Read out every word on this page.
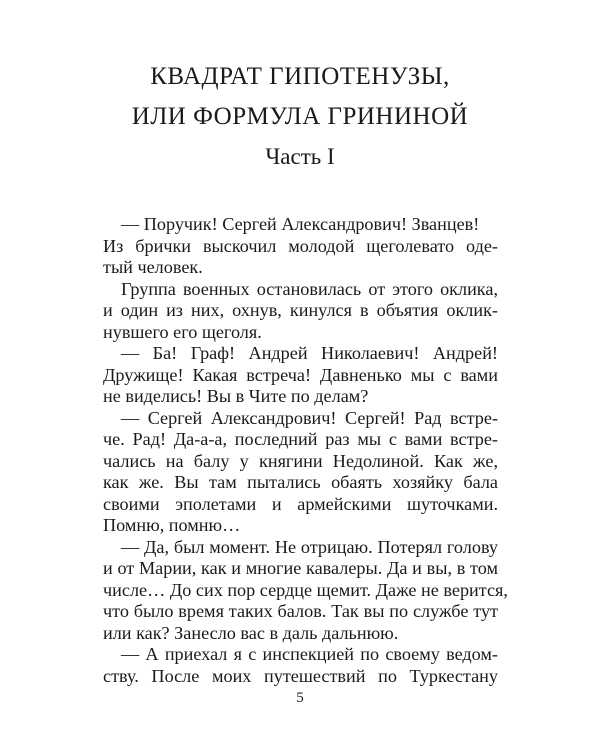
КВАДРАТ ГИПОТЕНУЗЫ,
ИЛИ ФОРМУЛА ГРИНИНОЙ
Часть I

— Поручик! Сергей Александрович! Званцев!

Из брички выскочил молодой щеголевато оде-

тый человек.

Группа военных остановилась от этого оклика,

и один из них, охнув, кинулся в объятия оклик-

нувшего его щеголя.

— Ба! Граф! Андрей Николаевич! Андрей!

Дружище! Какая встреча! Давненько мы с вами

не виделись! Вы в Чите по делам?

— Сергей Александрович! Сергей! Рад встре-

че. Рад! Да-а-а, последний раз мы с вами встре-

чались на балу у княгини Недолиной. Как же,

как же. Вы там пытались обаять хозяйку бала

своими эполетами и армейскими шуточками.

Помню, помню…

— Да, был момент. Не отрицаю. Потерял голову

и от Марии, как и многие кавалеры. Да и вы, в том

числе… До сих пор сердце щемит. Даже не верится,

что было время таких балов. Так вы по службе тут

или как? Занесло вас в даль дальнюю.

— А приехал я с инспекцией по своему ведом-

ству. После моих путешествий по Туркестану

5
